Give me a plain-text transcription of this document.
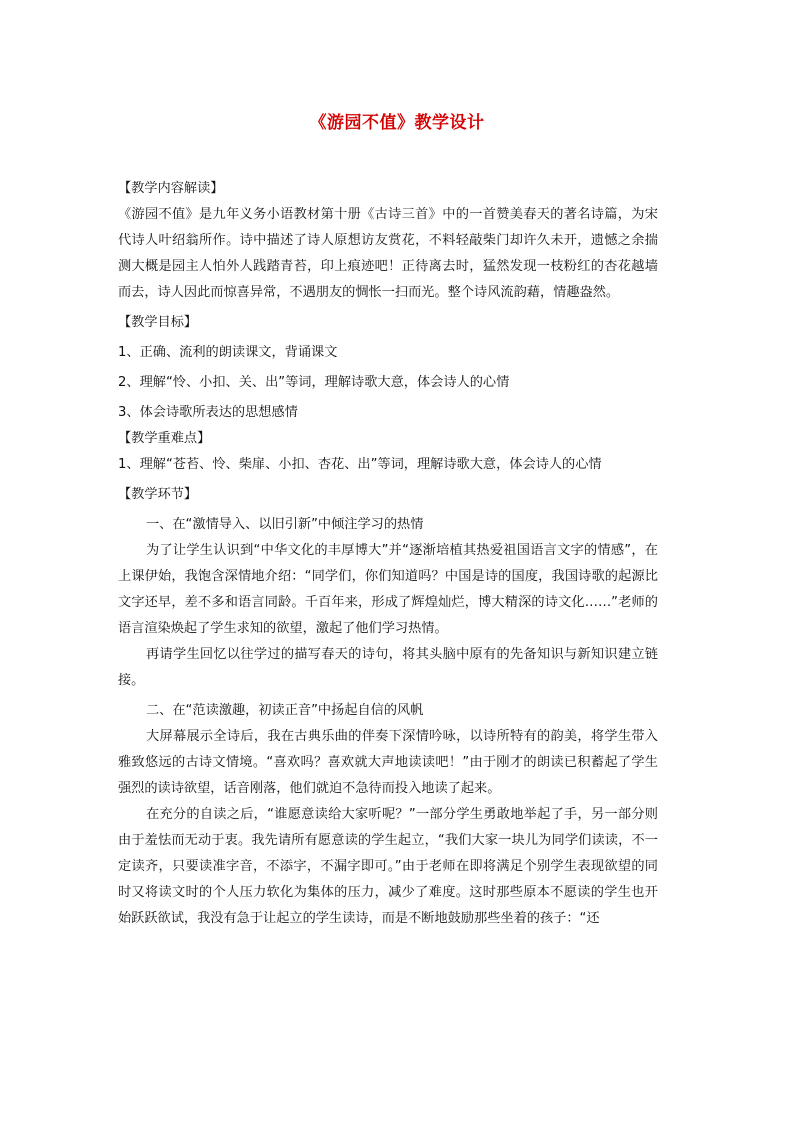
《游园不值》教学设计
【教学内容解读】

《游园不值》是九年义务小语教材第十册《古诗三首》中的一首赞美春天的著名诗篇，为宋代诗人叶绍翁所作。诗中描述了诗人原想访友赏花，不料轻敲柴门却许久未开，遗憾之余揣测大概是园主人怕外人践踏青苔，印上痕迹吧！正待离去时，猛然发现一枝粉红的杏花越墙而去，诗人因此而惊喜异常，不遇朋友的惆怅一扫而光。整个诗风流韵藉，情趣盎然。

【教学目标】
1、正确、流利的朗读课文，背诵课文
2、理解“怜、小扣、关、出”等词，理解诗歌大意，体会诗人的心情
3、体会诗歌所表达的思想感情
【教学重难点】
1、理解“苍苔、怜、柴扉、小扣、杏花、出”等词，理解诗歌大意，体会诗人的心情
【教学环节】
一、在“激情导入、以旧引新”中倾注学习的热情

为了让学生认识到“中华文化的丰厚博大”并“逐渐培植其热爱祖国语言文字的情感”，在上课伊始，我饱含深情地介绍：“同学们，你们知道吗？中国是诗的国度，我国诗歌的起源比文字还早，差不多和语言同龄。千百年来，形成了辉煌灿烂，博大精深的诗文化……”老师的语言渲染焕起了学生求知的欲望，激起了他们学习热情。

再请学生回忆以往学过的描写春天的诗句，将其头脑中原有的先备知识与新知识建立链接。

二、在“范读激趣，初读正音”中扬起自信的风帆

大屏幕展示全诗后，我在古典乐曲的伴奏下深情吟咏，以诗所特有的韵美，将学生带入雅致悠远的古诗文情境。“喜欢吗？喜欢就大声地读读吧！”由于刚才的朗读已积蓄起了学生强烈的读诗欲望，话音刚落，他们就迫不急待而投入地读了起来。

在充分的自读之后，“谁愿意读给大家听呢？”一部分学生勇敢地举起了手，另一部分则由于羞怯而无动于衷。我先请所有愿意读的学生起立，“我们大家一块儿为同学们读读，不一定读齐，只要读准字音，不添字，不漏字即可。”由于老师在即将满足个别学生表现欲望的同时又将读文时的个人压力软化为集体的压力，减少了难度。这时那些原本不愿读的学生也开始跃跃欲试，我没有急于让起立的学生读诗，而是不断地鼓励那些坐着的孩子：“还
